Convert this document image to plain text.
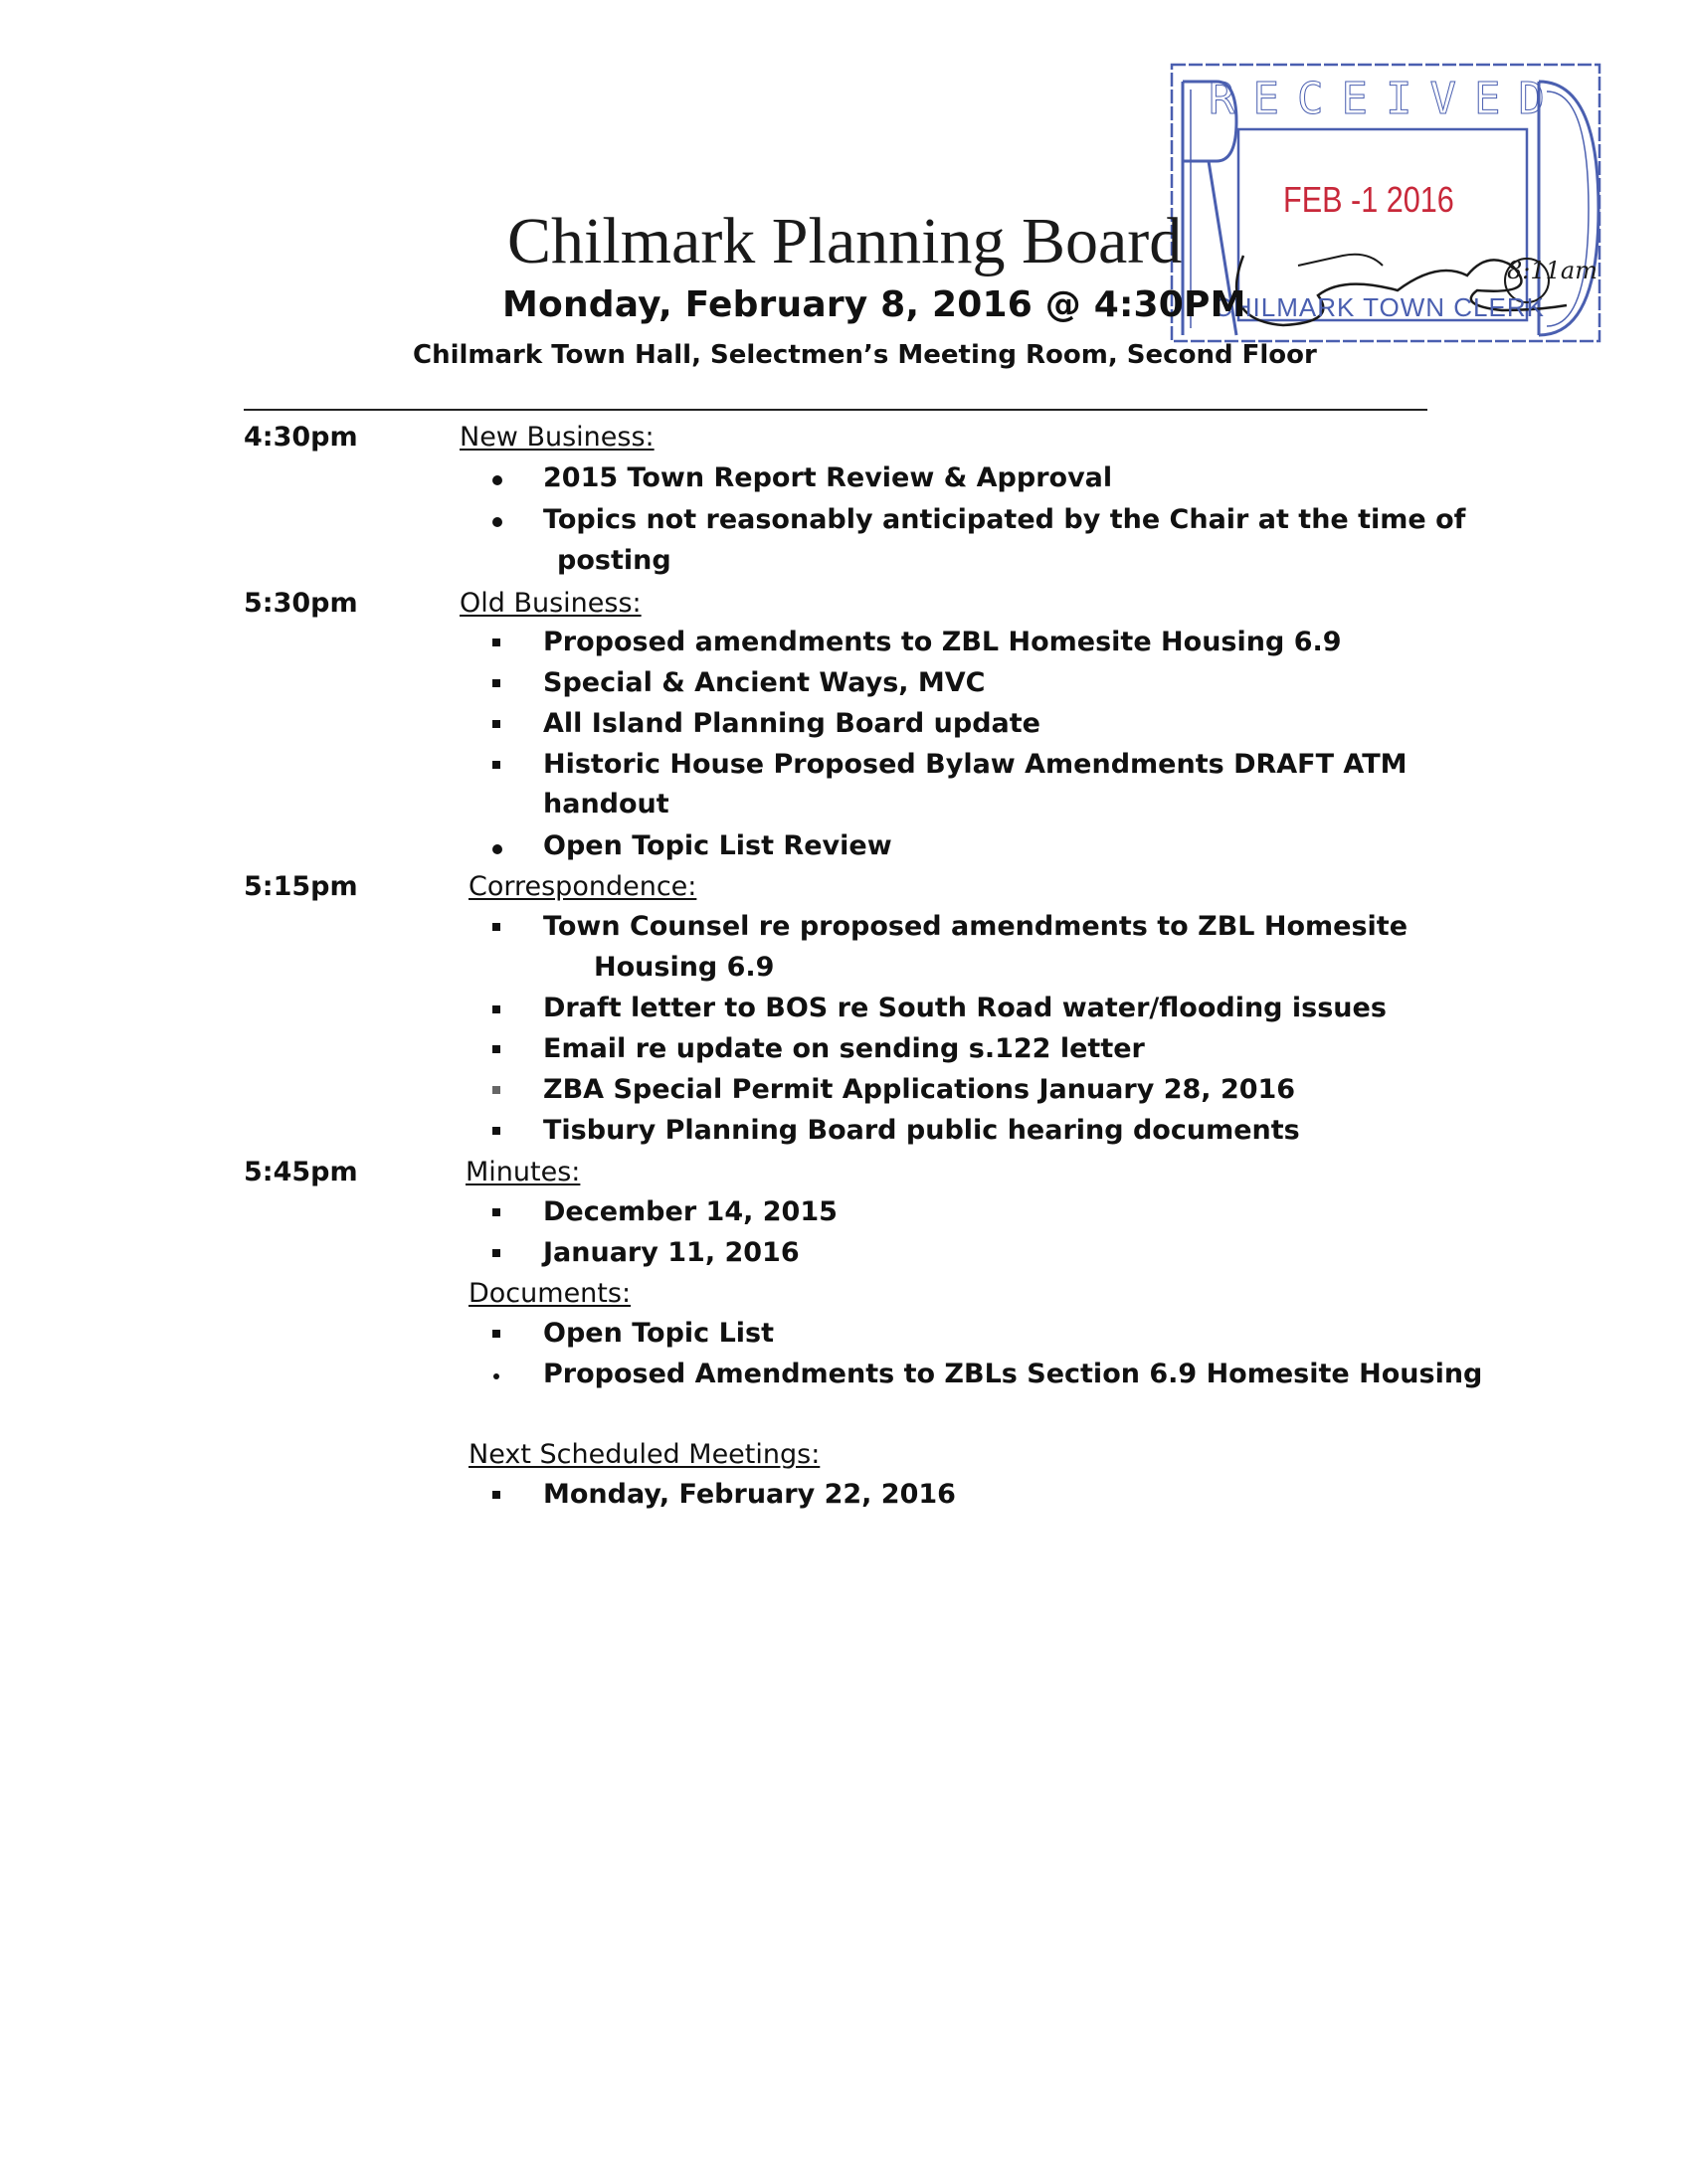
RECEIVED
FEB -1 2016
8:11am
CHILMARK TOWN CLERK
Chilmark Planning Board
Monday, February 8, 2016 @ 4:30PM
Chilmark Town Hall, Selectmen’s Meeting Room, Second Floor
4:30pm	New Business:
2015 Town Report Review & Approval
Topics not reasonably anticipated by the Chair at the time of
posting
5:30pm	Old Business:
Proposed amendments to ZBL Homesite Housing 6.9
Special & Ancient Ways, MVC
All Island Planning Board update
Historic House Proposed Bylaw Amendments DRAFT ATM
handout
Open Topic List Review
5:15pm	Correspondence:
Town Counsel re proposed amendments to ZBL Homesite
Housing 6.9
Draft letter to BOS re South Road water/flooding issues
Email re update on sending s.122 letter
ZBA Special Permit Applications January 28, 2016
Tisbury Planning Board public hearing documents
5:45pm	Minutes:
December 14, 2015
January 11, 2016
Documents:
Open Topic List
Proposed Amendments to ZBLs Section 6.9 Homesite Housing
Next Scheduled Meetings:
Monday, February 22, 2016
